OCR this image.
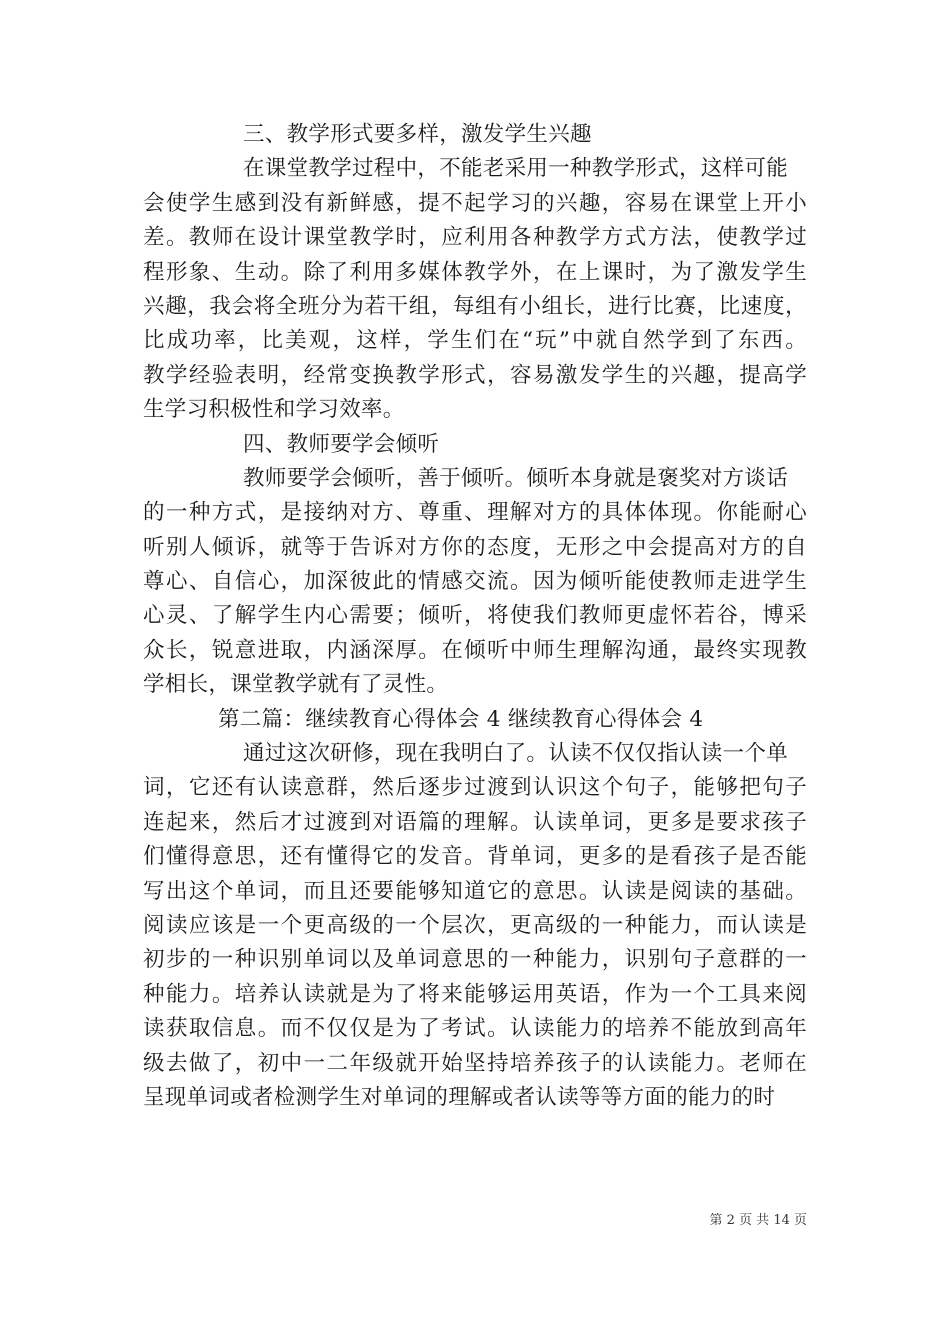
三、教学形式要多样，激发学生兴趣
在课堂教学过程中，不能老采用一种教学形式，这样可能
会 使 学 生 感 到 没 有 新 鲜 感 ， 提 不 起 学 习 的 兴 趣 ， 容 易 在 课 堂 上 开 小
差 。 教 师 在 设 计 课 堂 教 学 时 ， 应 利 用 各 种 教 学 方 式 方 法 ， 使 教 学 过
程 形 象 、 生 动 。 除 了 利 用 多 媒 体 教 学 外 ， 在 上 课 时 ， 为 了 激 发 学 生
兴 趣 ， 我 会 将 全 班 分 为 若 干 组 ， 每 组 有 小 组 长 ， 进 行 比 赛 ， 比 速 度 ，
比 成 功 率 ， 比 美 观 ， 这 样 ， 学 生 们 在 “ 玩 ” 中 就 自 然 学 到 了 东 西 。
教 学 经 验 表 明 ， 经 常 变 换 教 学 形 式 ， 容 易 激 发 学 生 的 兴 趣 ， 提 高 学
生学习积极性和学习效率。
四、教师要学会倾听
教师要学会倾听，善于倾听。倾听本身就是褒奖对方谈话
的 一 种 方 式 ， 是 接 纳 对 方 、 尊 重 、 理 解 对 方 的 具 体 体 现 。 你 能 耐 心
听 别 人 倾 诉 ， 就 等 于 告 诉 对 方 你 的 态 度 ， 无 形 之 中 会 提 高 对 方 的 自
尊 心 、 自 信 心 ， 加 深 彼 此 的 情 感 交 流 。 因 为 倾 听 能 使 教 师 走 进 学 生
心 灵 、 了 解 学 生 内 心 需 要 ； 倾 听 ， 将 使 我 们 教 师 更 虚 怀 若 谷 ， 博 采
众 长 ， 锐 意 进 取 ， 内 涵 深 厚 。 在 倾 听 中 师 生 理 解 沟 通 ， 最 终 实 现 教
学相长，课堂教学就有了灵性。
第二篇：继续教育心得体会 4 继续教育心得体会 4
通过这次研修，现在我明白了。认读不仅仅指认读一个单
词 ， 它 还 有 认 读 意 群 ， 然 后 逐 步 过 渡 到 认 识 这 个 句 子 ， 能 够 把 句 子
连 起 来 ， 然 后 才 过 渡 到 对 语 篇 的 理 解 。 认 读 单 词 ， 更 多 是 要 求 孩 子
们 懂 得 意 思 ， 还 有 懂 得 它 的 发 音 。 背 单 词 ， 更 多 的 是 看 孩 子 是 否 能
写 出 这 个 单 词 ， 而 且 还 要 能 够 知 道 它 的 意 思 。 认 读 是 阅 读 的 基 础 。
阅 读 应 该 是 一 个 更 高 级 的 一 个 层 次 ， 更 高 级 的 一 种 能 力 ， 而 认 读 是
初 步 的 一 种 识 别 单 词 以 及 单 词 意 思 的 一 种 能 力 ， 识 别 句 子 意 群 的 一
种 能 力 。 培 养 认 读 就 是 为 了 将 来 能 够 运 用 英 语 ， 作 为 一 个 工 具 来 阅
读 获 取 信 息 。 而 不 仅 仅 是 为 了 考 试 。 认 读 能 力 的 培 养 不 能 放 到 高 年
级 去 做 了 ， 初 中 一 二 年 级 就 开 始 坚 持 培 养 孩 子 的 认 读 能 力 。 老 师 在
呈现单词或者检测学生对单词的理解或者认读等等方面的能力的时
第 2 页 共 14 页
